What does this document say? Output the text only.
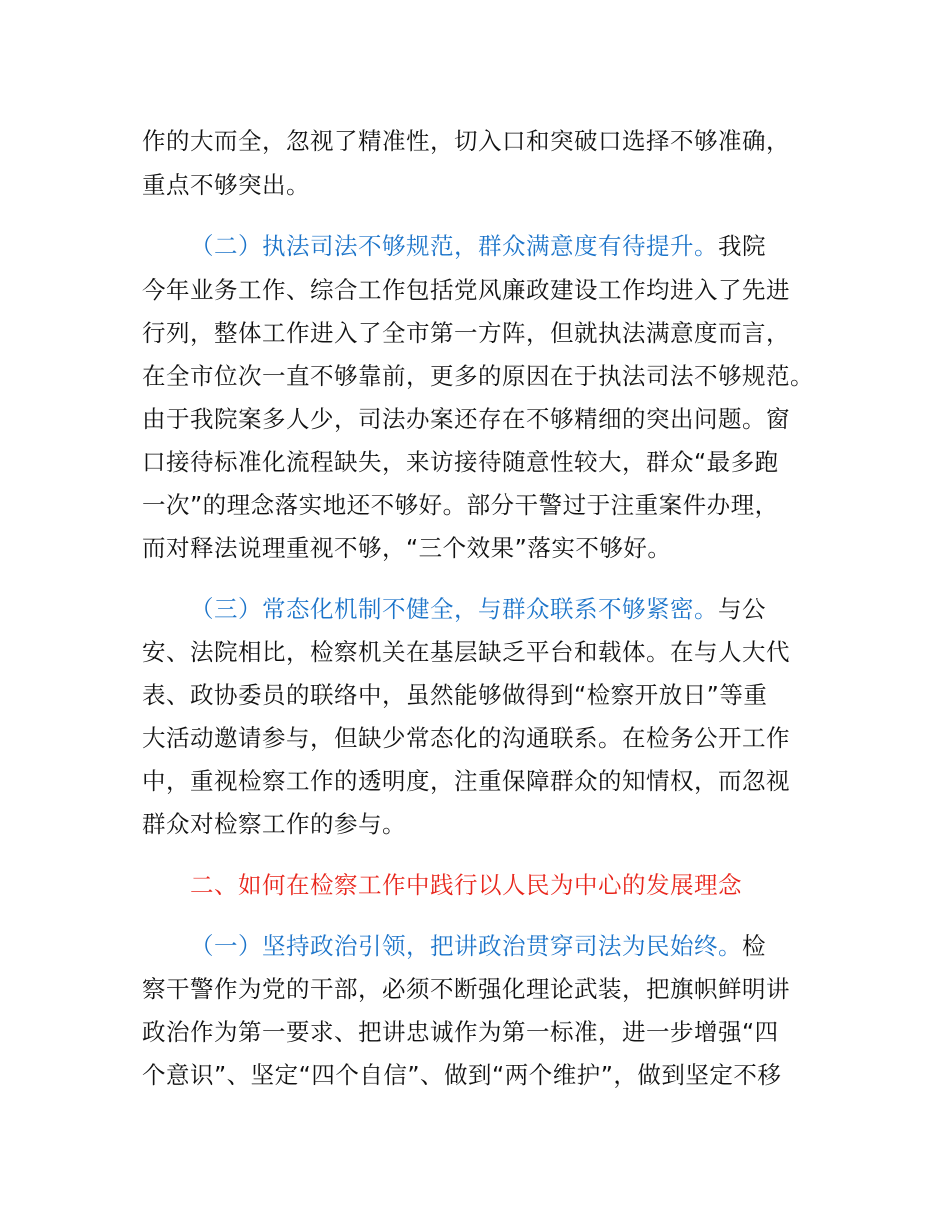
作的大而全，忽视了精准性，切入口和突破口选择不够准确，
重点不够突出。
（二）执法司法不够规范，群众满意度有待提升。我院
今年业务工作、综合工作包括党风廉政建设工作均进入了先进
行列，整体工作进入了全市第一方阵，但就执法满意度而言，
在全市位次一直不够靠前，更多的原因在于执法司法不够规范。
由于我院案多人少，司法办案还存在不够精细的突出问题。窗
口接待标准化流程缺失，来访接待随意性较大，群众“最多跑
一次”的理念落实地还不够好。部分干警过于注重案件办理，
而对释法说理重视不够，“三个效果”落实不够好。
（三）常态化机制不健全，与群众联系不够紧密。与公
安、法院相比，检察机关在基层缺乏平台和载体。在与人大代
表、政协委员的联络中，虽然能够做得到“检察开放日”等重
大活动邀请参与，但缺少常态化的沟通联系。在检务公开工作
中，重视检察工作的透明度，注重保障群众的知情权，而忽视
群众对检察工作的参与。
二、如何在检察工作中践行以人民为中心的发展理念
（一）坚持政治引领，把讲政治贯穿司法为民始终。检
察干警作为党的干部，必须不断强化理论武装，把旗帜鲜明讲
政治作为第一要求、把讲忠诚作为第一标准，进一步增强“四
个意识”、坚定“四个自信”、做到“两个维护”，做到坚定不移
